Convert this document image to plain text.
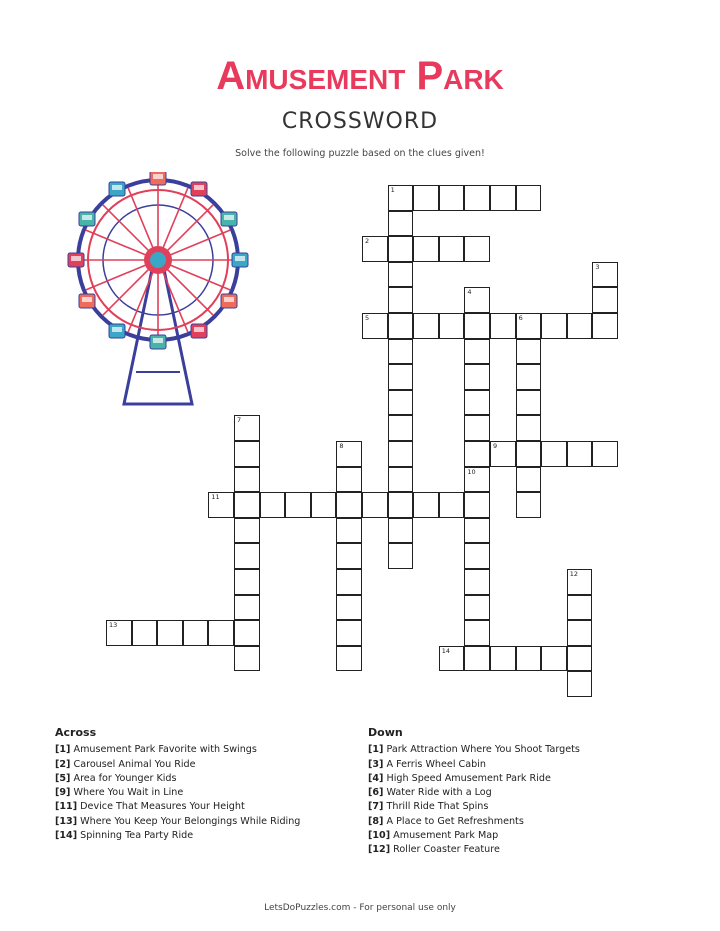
Amusement Park
CROSSWORD
Solve the following puzzle based on the clues given!
1
2
3
4
10
5	6
7
8	9
11
12
13
14
Across
[1] Amusement Park Favorite with Swings
[2] Carousel Animal You Ride
[5] Area for Younger Kids
[9] Where You Wait in Line
[11] Device That Measures Your Height
[13] Where You Keep Your Belongings While Riding
[14] Spinning Tea Party Ride
Down
[1] Park Attraction Where You Shoot Targets
[3] A Ferris Wheel Cabin
[4] High Speed Amusement Park Ride
[6] Water Ride with a Log
[7] Thrill Ride That Spins
[8] A Place to Get Refreshments
[10] Amusement Park Map
[12] Roller Coaster Feature
LetsDoPuzzles.com - For personal use only
